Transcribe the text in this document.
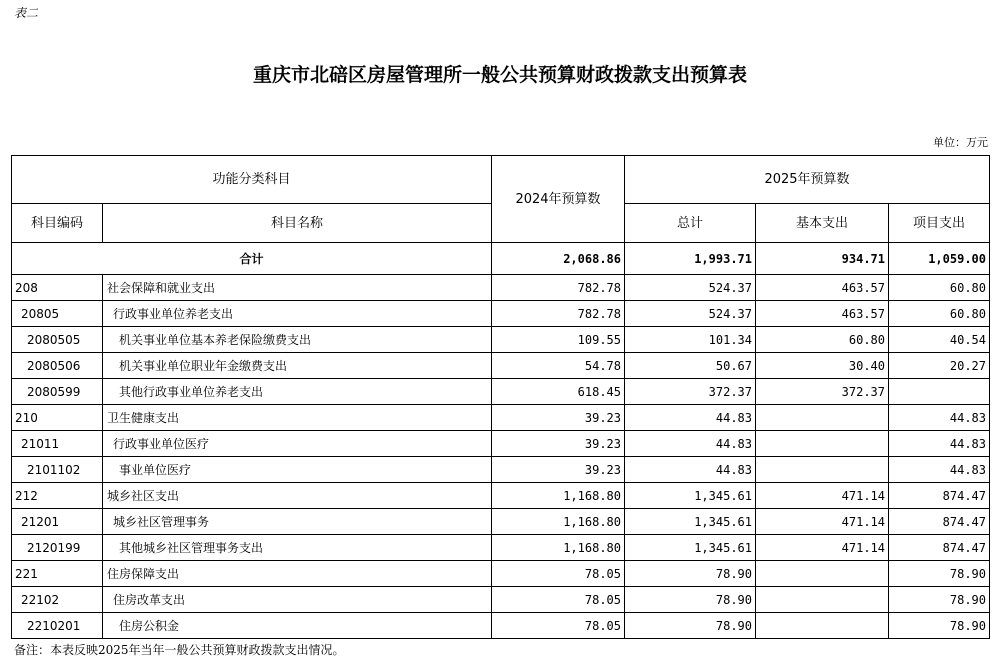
表二
重庆市北碚区房屋管理所一般公共预算财政拨款支出预算表
单位：万元
功能分类科目		2024年预算数	2025年预算数		
科目编码	科目名称		总计	基本支出	项目支出
合计		2,068.86	1,993.71	934.71	1,059.00
208	社会保障和就业支出	782.78	524.37	463.57	60.80
20805	行政事业单位养老支出	782.78	524.37	463.57	60.80
2080505	机关事业单位基本养老保险缴费支出	109.55	101.34	60.80	40.54
2080506	机关事业单位职业年金缴费支出	54.78	50.67	30.40	20.27
2080599	其他行政事业单位养老支出	618.45	372.37	372.37	
210	卫生健康支出	39.23	44.83		44.83
21011	行政事业单位医疗	39.23	44.83		44.83
2101102	事业单位医疗	39.23	44.83		44.83
212	城乡社区支出	1,168.80	1,345.61	471.14	874.47
21201	城乡社区管理事务	1,168.80	1,345.61	471.14	874.47
2120199	其他城乡社区管理事务支出	1,168.80	1,345.61	471.14	874.47
221	住房保障支出	78.05	78.90		78.90
22102	住房改革支出	78.05	78.90		78.90
2210201	住房公积金	78.05	78.90		78.90
备注：本表反映2025年当年一般公共预算财政拨款支出情况。
